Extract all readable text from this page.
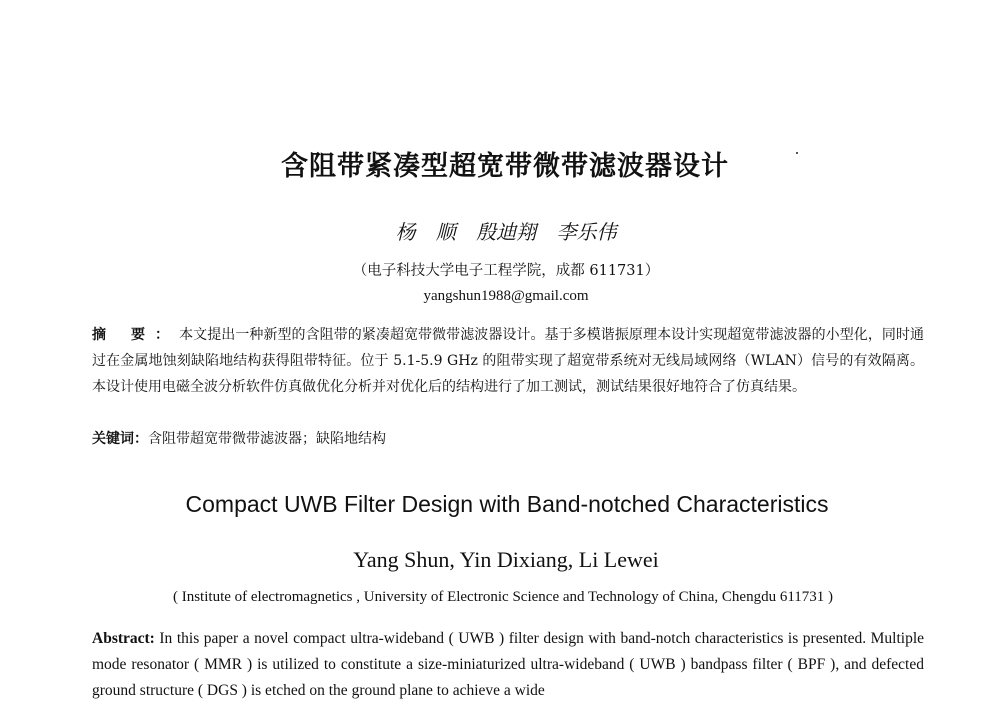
含阻带紧凑型超宽带微带滤波器设计
杨 顺 殷迪翔 李乐伟
（电子科技大学电子工程学院，成都 611731）
yangshun1988@gmail.com
摘 要：本文提出一种新型的含阻带的紧凑超宽带微带滤波器设计。基于多模谐振原理本设计实现超宽带滤波器的小型化，同时通过在金属地蚀刻缺陷地结构获得阻带特征。位于 5.1-5.9 GHz 的阻带实现了超宽带系统对无线局域网络（WLAN）信号的有效隔离。本设计使用电磁全波分析软件仿真做优化分析并对优化后的结构进行了加工测试，测试结果很好地符合了仿真结果。
关键词：含阻带超宽带微带滤波器；缺陷地结构
Compact UWB Filter Design with Band-notched Characteristics
Yang Shun, Yin Dixiang, Li Lewei
( Institute of electromagnetics , University of Electronic Science and Technology of China, Chengdu 611731 )
Abstract: In this paper a novel compact ultra-wideband ( UWB ) filter design with band-notch characteristics is presented. Multiple mode resonator ( MMR ) is utilized to constitute a size-miniaturized ultra-wideband ( UWB ) bandpass filter ( BPF ), and defected ground structure ( DGS ) is etched on the ground plane to achieve a wide
